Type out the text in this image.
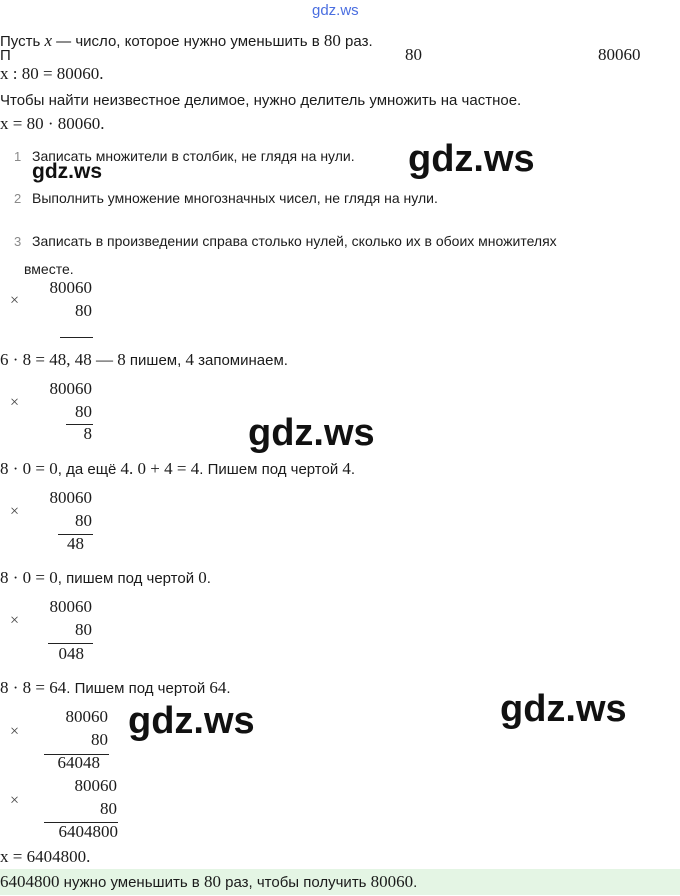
gdz.ws
Пусть x — число, которое нужно уменьшить в 80 раз.
П	80	80060
x : 80 = 80060.
Чтобы найти неизвестное делимое, нужно делитель умножить на частное.
x = 80 · 80060.
1 Записать множители в столбик, не глядя на нули.
2 Выполнить умножение многозначных чисел, не глядя на нули.
3 Записать в произведении справа столько нулей, сколько их в обоих множителях
вместе.
gdz.ws
gdz.ws
gdz.ws
gdz.ws	gdz.ws
×
80060
80
6 · 8 = 48, 48 — 8 пишем, 4 запоминаем.
×
80060
80
8
8 · 0 = 0, да ещё 4. 0 + 4 = 4. Пишем под чертой 4.
×
80060
80
48
8 · 0 = 0, пишем под чертой 0.
×
80060
80
048
8 · 8 = 64. Пишем под чертой 64.
×
80060
80
64048
×
80060
80
6404800
x = 6404800.
6404800 нужно уменьшить в 80 раз, чтобы получить 80060.
